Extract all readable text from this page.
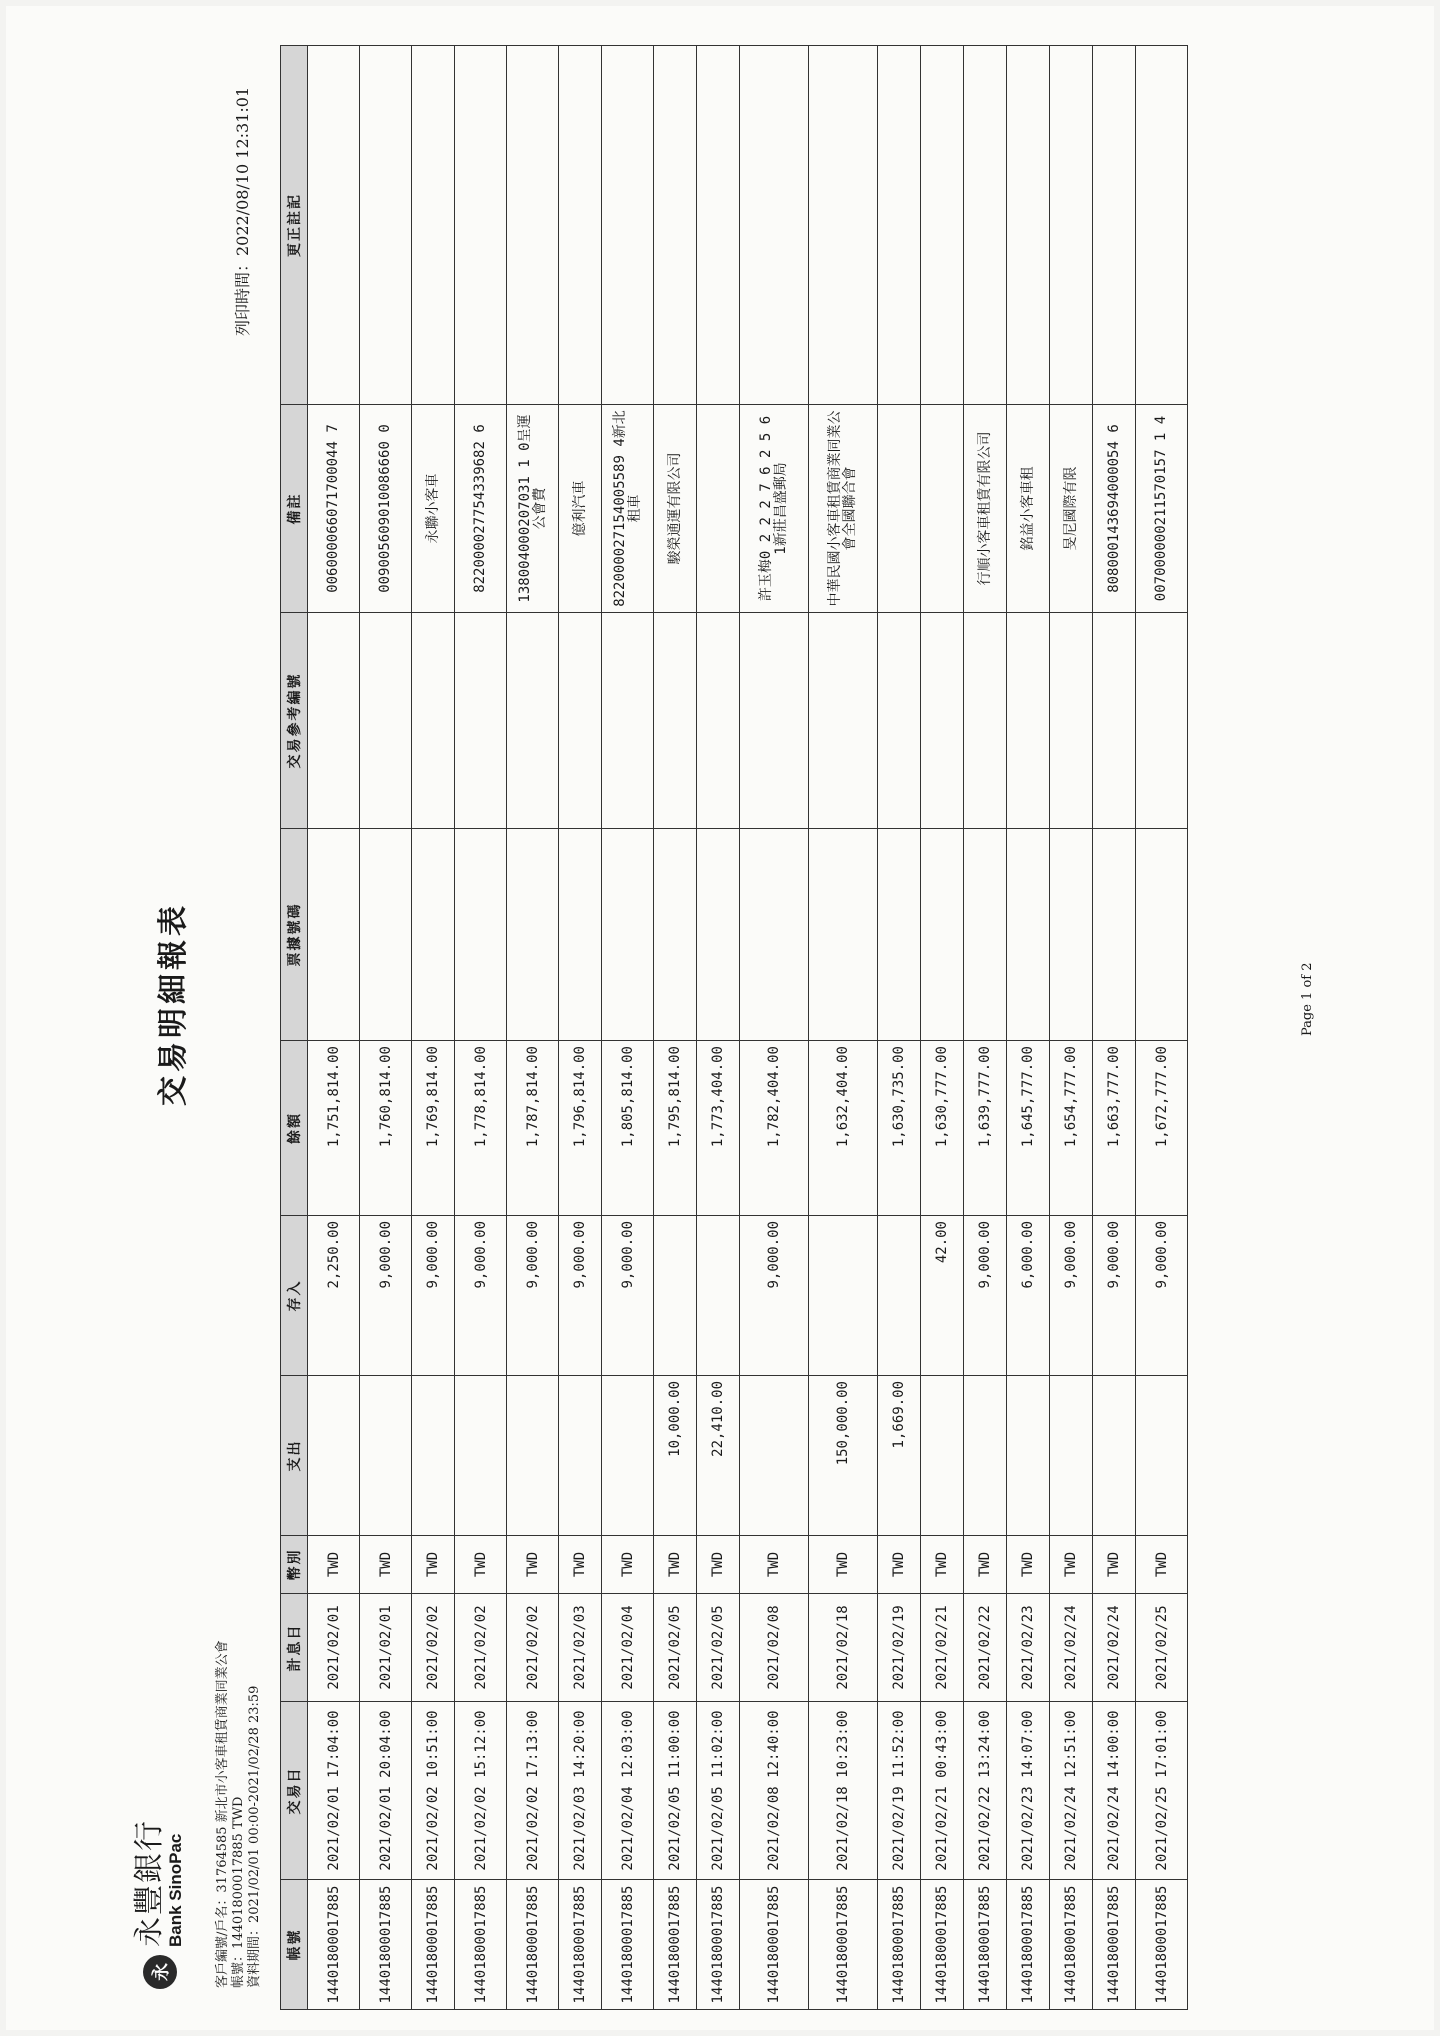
永
永豐銀行 Bank SinoPac
交易明細報表
客戶編號/戶名：31764585 新北市小客車租賃商業同業公會 帳號：14401800017885 TWD 資料期間：2021/02/01 00:00-2021/02/28 23:59
列印時間：2022/08/10 12:31:01
帳號	交易日	計息日	幣別	支出	存入	餘額	票據號碼	交易參考編號	備註	更正註記
14401800017885	2021/02/01 17:04:00	2021/02/01	TWD		2,250.00	1,751,814.00			006000066071700044 7	
14401800017885	2021/02/01 20:04:00	2021/02/01	TWD		9,000.00	1,760,814.00			009005609010086660 0	
14401800017885	2021/02/02 10:51:00	2021/02/02	TWD		9,000.00	1,769,814.00			永聯小客車	
14401800017885	2021/02/02 15:12:00	2021/02/02	TWD		9,000.00	1,778,814.00			822000027754339682 6	
14401800017885	2021/02/02 17:13:00	2021/02/02	TWD		9,000.00	1,787,814.00			138004000207031 1 0呈運公會費	
14401800017885	2021/02/03 14:20:00	2021/02/03	TWD		9,000.00	1,796,814.00			億利汽車	
14401800017885	2021/02/04 12:03:00	2021/02/04	TWD		9,000.00	1,805,814.00			822000027154005589 4新北租車	
14401800017885	2021/02/05 11:00:00	2021/02/05	TWD	10,000.00		1,795,814.00			駿榮通運有限公司	
14401800017885	2021/02/05 11:02:00	2021/02/05	TWD	22,410.00		1,773,404.00				
14401800017885	2021/02/08 12:40:00	2021/02/08	TWD		9,000.00	1,782,404.00			許玉梅0 2 2 2 7 6 2 5 6 1新莊昌盛郵局	
14401800017885	2021/02/18 10:23:00	2021/02/18	TWD	150,000.00		1,632,404.00			中華民國小客車租賃商業同業公會全國聯合會	
14401800017885	2021/02/19 11:52:00	2021/02/19	TWD	1,669.00		1,630,735.00				
14401800017885	2021/02/21 00:43:00	2021/02/21	TWD		42.00	1,630,777.00				
14401800017885	2021/02/22 13:24:00	2021/02/22	TWD		9,000.00	1,639,777.00			行順小客車租賃有限公司	
14401800017885	2021/02/23 14:07:00	2021/02/23	TWD		6,000.00	1,645,777.00			銘益小客車租	
14401800017885	2021/02/24 12:51:00	2021/02/24	TWD		9,000.00	1,654,777.00			旻尼國際有限	
14401800017885	2021/02/24 14:00:00	2021/02/24	TWD		9,000.00	1,663,777.00			808000143694000054 6	
14401800017885	2021/02/25 17:01:00	2021/02/25	TWD		9,000.00	1,672,777.00			007000000211570157 1 4	
Page 1 of 2
